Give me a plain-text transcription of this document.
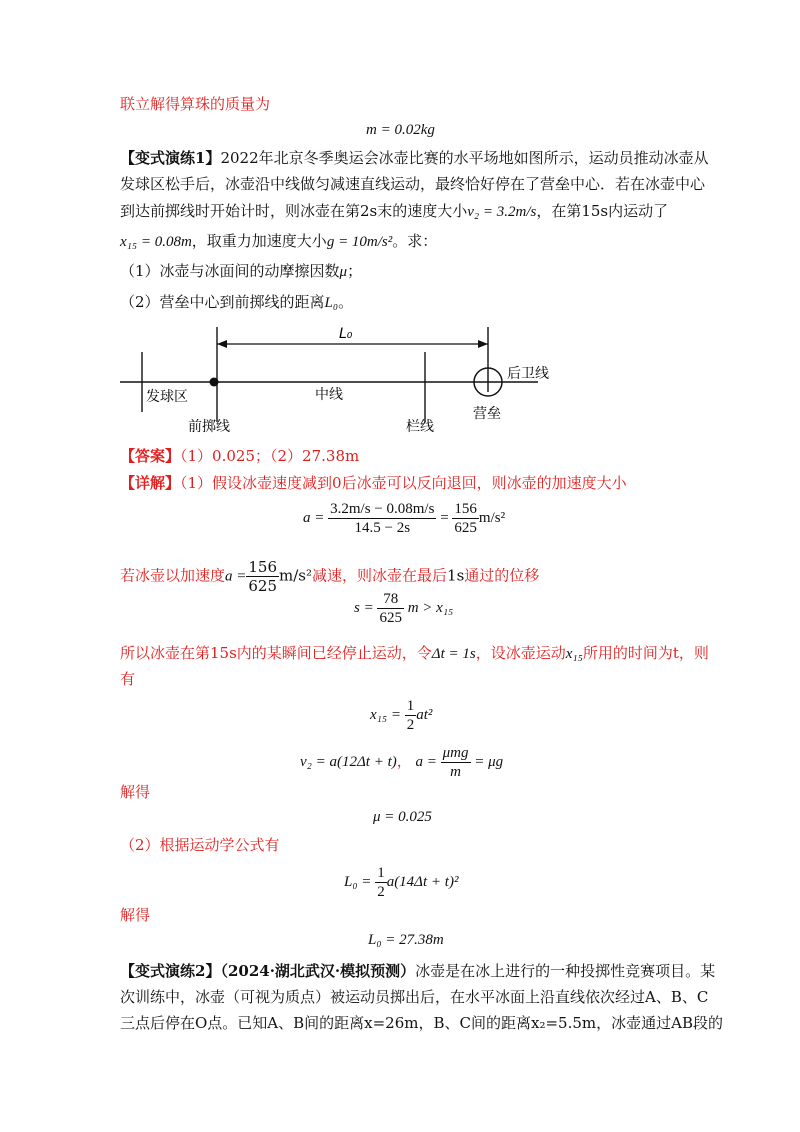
联立解得算珠的质量为
m = 0.02kg
【变式演练1】2022年北京冬季奥运会冰壶比赛的水平场地如图所示，运动员推动冰壶从
发球区松手后，冰壶沿中线做匀减速直线运动，最终恰好停在了营垒中心．若在冰壶中心
到达前掷线时开始计时，则冰壶在第2s末的速度大小v₂ = 3.2m/s，在第15s内运动了
x₁₅ = 0.08m，取重力加速度大小g = 10m/s²。求：
（1）冰壶与冰面间的动摩擦因数μ；
（2）营垒中心到前掷线的距离L₀。
L₀
发球区
前掷线
中线
栏线
营垒
后卫线
【答案】（1）0.025；（2）27.38m
【详解】（1）假设冰壶速度减到0后冰壶可以反向退回，则冰壶的加速度大小
$a = \frac{3.2m/s - 0.08m/s}{14.5 - 2s} = \frac{156}{625} m/s^2$
若冰壶以加速度$a = \frac{156}{625} m/s^2$减速，则冰壶在最后1s通过的位移
$s = \frac{78}{625}$ m > x₁₅
所以冰壶在第15s内的某瞬间已经停止运动，令Δt = 1s，设冰壶运动x₁₅所用的时间为t，则
有
$x_{15} = \frac{1}{2} at^2$
v₂ = a(12Δt + t)， $a = \frac{\text{μmg}}{m} = \mu g$
解得
μ = 0.025
（2）根据运动学公式有
$L_0 = \frac{1}{2} a(14\Delta t + t)^2$
解得
L₀ = 27.38m
【变式演练2】（2024·湖北武汉·模拟预测）冰壶是在冰上进行的一种投掷性竞赛项目。某
次训练中，冰壶（可视为质点）被运动员掷出后，在水平冰面上沿直线依次经过A、B、C
三点后停在O点。已知A、B间的距离x=26m，B、C间的距离x₂=5.5m，冰壶通过AB段的
